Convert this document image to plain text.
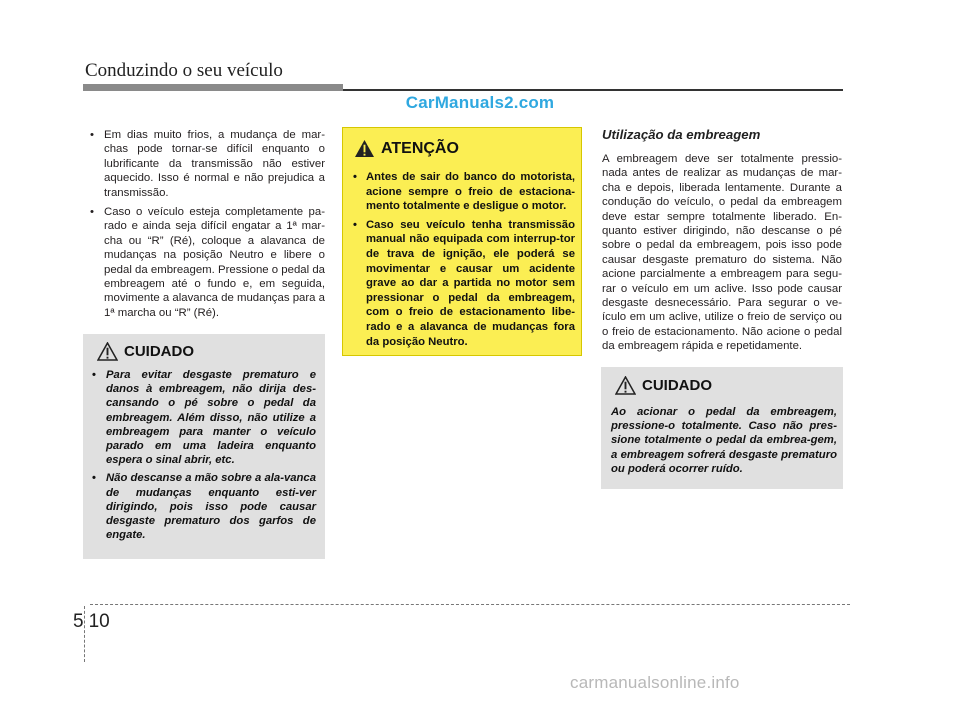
Conduzindo o seu veículo
CarManuals2.com
• Em dias muito frios, a mudança de mar-chas pode tornar-se difícil enquanto o lubrificante da transmissão não estiver aquecido. Isso é normal e não prejudica a transmissão.
• Caso o veículo esteja completamente pa-rado e ainda seja difícil engatar a 1ª mar-cha ou “R” (Ré), coloque a alavanca de mudanças na posição Neutro e libere o pedal da embreagem. Pressione o pedal da embreagem até o fundo e, em seguida, movimente a alavanca de mudanças para a 1ª marcha ou “R” (Ré).
CUIDADO
• Para evitar desgaste prematuro e danos à embreagem, não dirija des-cansando o pé sobre o pedal da embreagem. Além disso, não utilize a embreagem para manter o veículo parado em uma ladeira enquanto espera o sinal abrir, etc.
• Não descanse a mão sobre a ala-vanca de mudanças enquanto esti-ver dirigindo, pois isso pode causar desgaste prematuro dos garfos de engate.
ATENÇÃO
• Antes de sair do banco do motorista, acione sempre o freio de estaciona-mento totalmente e desligue o motor.
• Caso seu veículo tenha transmissão manual não equipada com interrup-tor de trava de ignição, ele poderá se movimentar e causar um acidente grave ao dar a partida no motor sem pressionar o pedal da embreagem, com o freio de estacionamento libe-rado e a alavanca de mudanças fora da posição Neutro.
Utilização da embreagem
A embreagem deve ser totalmente pressio-nada antes de realizar as mudanças de mar-cha e depois, liberada lentamente. Durante a condução do veículo, o pedal da embreagem deve estar sempre totalmente liberado. En-quanto estiver dirigindo, não descanse o pé sobre o pedal da embreagem, pois isso pode causar desgaste prematuro do sistema. Não acione parcialmente a embreagem para segu-rar o veículo em um aclive. Isso pode causar desgaste desnecessário. Para segurar o ve-ículo em um aclive, utilize o freio de serviço ou o freio de estacionamento. Não acione o pedal da embreagem rápida e repetidamente.
CUIDADO
Ao acionar o pedal da embreagem, pressione-o totalmente. Caso não pres-sione totalmente o pedal da embrea-gem, a embreagem sofrerá desgaste prematuro ou poderá ocorrer ruído.
5 10
carmanualsonline.info
